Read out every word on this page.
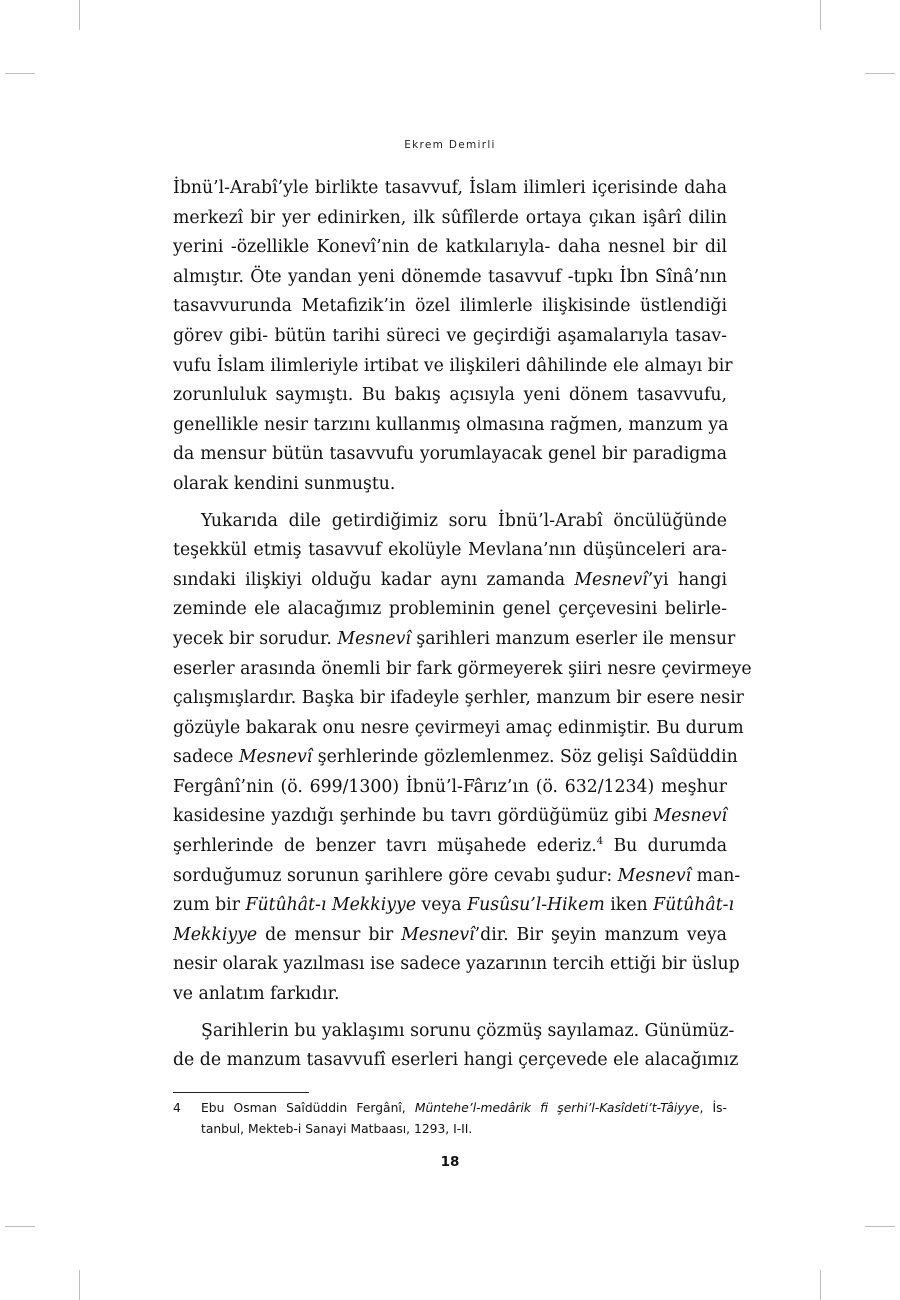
Ekrem Demirli

İbnü’l-Arabî’yle birlikte tasavvuf, İslam ilimleri içerisinde daha
merkezî bir yer edinirken, ilk sûfîlerde ortaya çıkan işârî dilin
yerini -özellikle Konevî’nin de katkılarıyla- daha nesnel bir dil
almıştır. Öte yandan yeni dönemde tasavvuf -tıpkı İbn Sînâ’nın
tasavvurunda Metafizik’in özel ilimlerle ilişkisinde üstlendiği
görev gibi- bütün tarihi süreci ve geçirdiği aşamalarıyla tasav-
vufu İslam ilimleriyle irtibat ve ilişkileri dâhilinde ele almayı bir
zorunluluk saymıştı. Bu bakış açısıyla yeni dönem tasavvufu,
genellikle nesir tarzını kullanmış olmasına rağmen, manzum ya
da mensur bütün tasavvufu yorumlayacak genel bir paradigma
olarak kendini sunmuştu.

Yukarıda dile getirdiğimiz soru İbnü’l-Arabî öncülüğünde
teşekkül etmiş tasavvuf ekolüyle Mevlana’nın düşünceleri ara-
sındaki ilişkiyi olduğu kadar aynı zamanda Mesnevî’yi hangi
zeminde ele alacağımız probleminin genel çerçevesini belirle-
yecek bir sorudur. Mesnevî şarihleri manzum eserler ile mensur
eserler arasında önemli bir fark görmeyerek şiiri nesre çevirmeye
çalışmışlardır. Başka bir ifadeyle şerhler, manzum bir esere nesir
gözüyle bakarak onu nesre çevirmeyi amaç edinmiştir. Bu durum
sadece Mesnevî şerhlerinde gözlemlenmez. Söz gelişi Saîdüddin
Fergânî’nin (ö. 699/1300) İbnü’l-Fârız’ın (ö. 632/1234) meşhur
kasidesine yazdığı şerhinde bu tavrı gördüğümüz gibi Mesnevî
şerhlerinde de benzer tavrı müşahede ederiz.$^4$ Bu durumda
sorduğumuz sorunun şarihlere göre cevabı şudur: Mesnevî man-
zum bir Fütûhât-ı Mekkiyye veya Fusûsu’l-Hikem iken Fütûhât-ı
Mekkiyye de mensur bir Mesnevî’dir. Bir şeyin manzum veya
nesir olarak yazılması ise sadece yazarının tercih ettiği bir üslup
ve anlatım farkıdır.

Şarihlerin bu yaklaşımı sorunu çözmüş sayılamaz. Günümüz-
de de manzum tasavvufî eserleri hangi çerçevede ele alacağımız

4 Ebu Osman Saîdüddin Fergânî, Müntehe’l-medârik fi şerhi’l-Kasîdeti’t-Tâiyye, İs-
tanbul, Mekteb-i Sanayi Matbaası, 1293, I-II.
18
